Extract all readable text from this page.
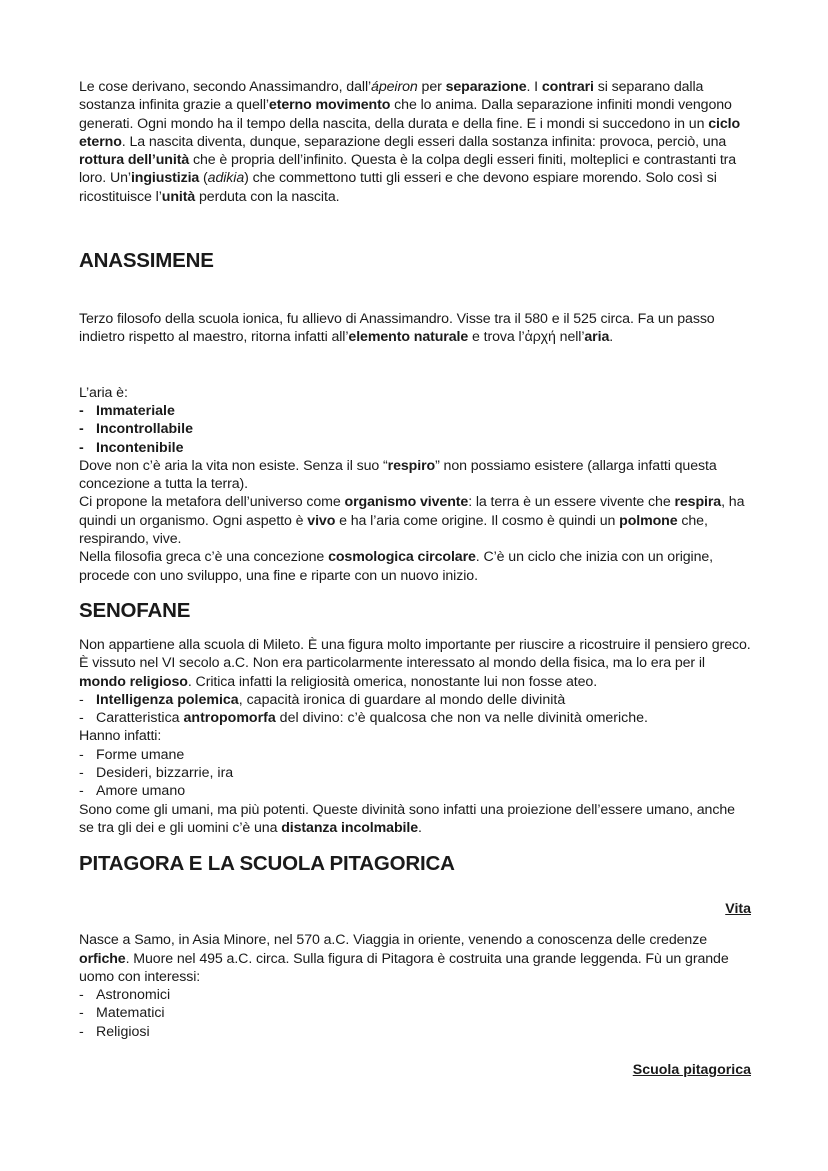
Le cose derivano, secondo Anassimandro, dall’ápeiron per separazione. I contrari si separano dalla sostanza infinita grazie a quell’eterno movimento che lo anima. Dalla separazione infiniti mondi vengono generati. Ogni mondo ha il tempo della nascita, della durata e della fine. E i mondi si succedono in un ciclo eterno. La nascita diventa, dunque, separazione degli esseri dalla sostanza infinita: provoca, perciò, una rottura dell’unità che è propria dell’infinito. Questa è la colpa degli esseri finiti, molteplici e contrastanti tra loro. Un’ingiustizia (adikia) che commettono tutti gli esseri e che devono espiare morendo. Solo così si ricostituisce l’unità perduta con la nascita.

ANASSIMENE

Terzo filosofo della scuola ionica, fu allievo di Anassimandro. Visse tra il 580 e il 525 circa. Fa un passo indietro rispetto al maestro, ritorna infatti all’elemento naturale e trova l’ἀρχή nell’aria.

L’aria è:

- Immateriale
- Incontrollabile
- Incontenibile

Dove non c’è aria la vita non esiste. Senza il suo “respiro” non possiamo esistere (allarga infatti questa concezione a tutta la terra).

Ci propone la metafora dell’universo come organismo vivente: la terra è un essere vivente che respira, ha quindi un organismo. Ogni aspetto è vivo e ha l’aria come origine. Il cosmo è quindi un polmone che, respirando, vive.

Nella filosofia greca c’è una concezione cosmologica circolare. C’è un ciclo che inizia con un origine, procede con uno sviluppo, una fine e riparte con un nuovo inizio.

SENOFANE

Non appartiene alla scuola di Mileto. È una figura molto importante per riuscire a ricostruire il pensiero greco. È vissuto nel VI secolo a.C. Non era particolarmente interessato al mondo della fisica, ma lo era per il mondo religioso. Critica infatti la religiosità omerica, nonostante lui non fosse ateo.

- Intelligenza polemica, capacità ironica di guardare al mondo delle divinità
- Caratteristica antropomorfa del divino: c’è qualcosa che non va nelle divinità omeriche.

Hanno infatti:

- Forme umane
- Desideri, bizzarrie, ira
- Amore umano

Sono come gli umani, ma più potenti. Queste divinità sono infatti una proiezione dell’essere umano, anche se tra gli dei e gli uomini c’è una distanza incolmabile.

PITAGORA E LA SCUOLA PITAGORICA
Vita

Nasce a Samo, in Asia Minore, nel 570 a.C. Viaggia in oriente, venendo a conoscenza delle credenze orfiche. Muore nel 495 a.C. circa. Sulla figura di Pitagora è costruita una grande leggenda. Fù un grande uomo con interessi:

- Astronomici
- Matematici
- Religiosi
Scuola pitagorica
